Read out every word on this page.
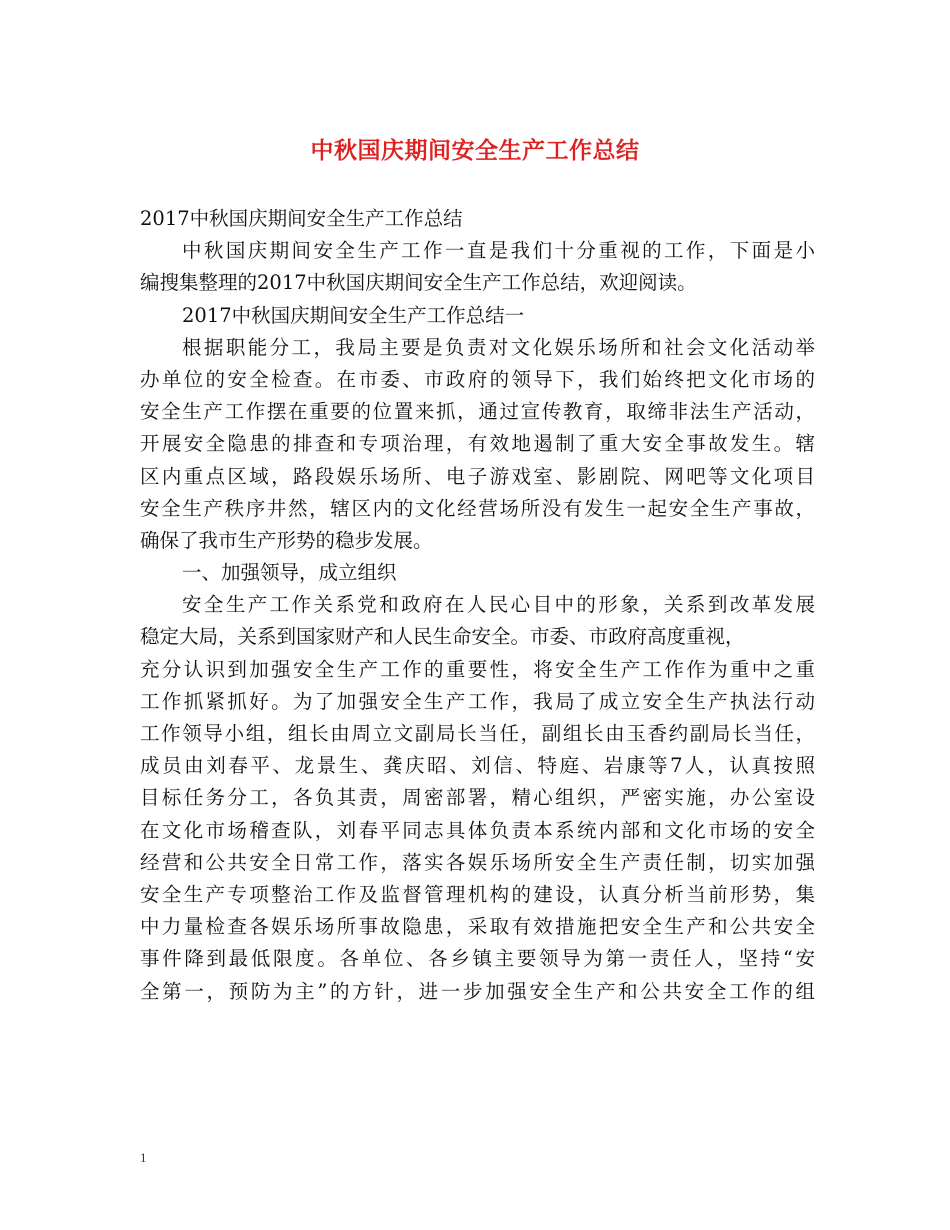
中秋国庆期间安全生产工作总结
2017中秋国庆期间安全生产工作总结
中秋国庆期间安全生产工作一直是我们十分重视的工作，下面是小
编搜集整理的2017中秋国庆期间安全生产工作总结，欢迎阅读。
2017中秋国庆期间安全生产工作总结一
根据职能分工，我局主要是负责对文化娱乐场所和社会文化活动举
办单位的安全检查。在市委、市政府的领导下，我们始终把文化市场的
安全生产工作摆在重要的位置来抓，通过宣传教育，取缔非法生产活动，
开展安全隐患的排查和专项治理，有效地遏制了重大安全事故发生。辖
区内重点区域，路段娱乐场所、电子游戏室、影剧院、网吧等文化项目
安全生产秩序井然，辖区内的文化经营场所没有发生一起安全生产事故，
确保了我市生产形势的稳步发展。
一、加强领导，成立组织
安全生产工作关系党和政府在人民心目中的形象，关系到改革发展
稳定大局，关系到国家财产和人民生命安全。市委、市政府高度重视，
充分认识到加强安全生产工作的重要性，将安全生产工作作为重中之重
工作抓紧抓好。为了加强安全生产工作，我局了成立安全生产执法行动
工作领导小组，组长由周立文副局长当任，副组长由玉香约副局长当任，
成员由刘春平、龙景生、龚庆昭、刘信、特庭、岩康等7人，认真按照
目标任务分工，各负其责，周密部署，精心组织，严密实施，办公室设
在文化市场稽查队，刘春平同志具体负责本系统内部和文化市场的安全
经营和公共安全日常工作，落实各娱乐场所安全生产责任制，切实加强
安全生产专项整治工作及监督管理机构的建设，认真分析当前形势，集
中力量检查各娱乐场所事故隐患，采取有效措施把安全生产和公共安全
事件降到最低限度。各单位、各乡镇主要领导为第一责任人，坚持“安
全第一，预防为主”的方针，进一步加强安全生产和公共安全工作的组
1
